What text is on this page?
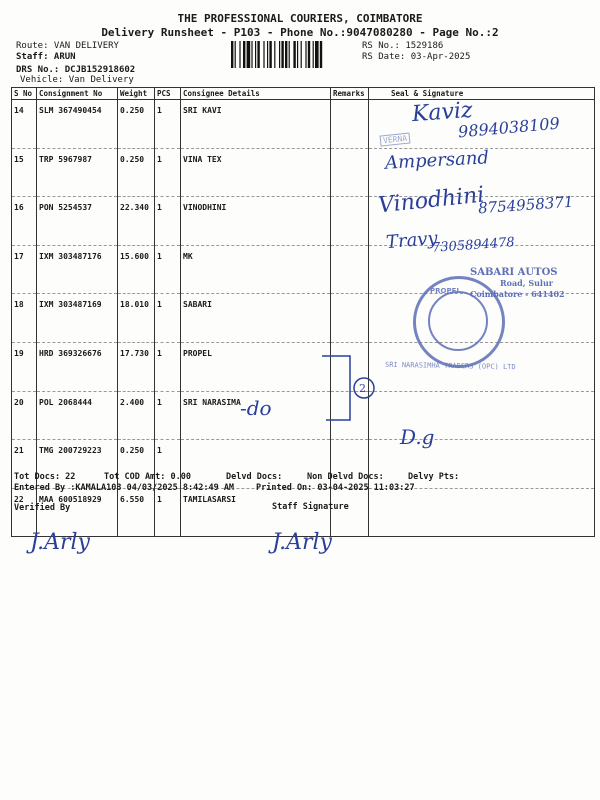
THE PROFESSIONAL COURIERS, COIMBATORE
Delivery Runsheet - P103 - Phone No.:9047080280 - Page No.:2
Route: VAN DELIVERY
Staff: ARUN
DRS No.: DCJB152918602
Vehicle: Van Delivery
RS No.: 1529186
RS Date: 03-Apr-2025
S No	Consignment No	Weight	PCS	Consignee Details	Remarks	Seal & Signature
14	SLM 367490454	0.250	1	SRI KAVI		
15	TRP 5967987	0.250	1	VINA TEX		
16	PON 5254537	22.340	1	VINODHINI		
17	IXM 303487176	15.600	1	MK		
18	IXM 303487169	18.010	1	SABARI		
19	HRD 369326676	17.730	1	PROPEL		
20	POL 2068444	2.400	1	SRI NARASIMA		
21	TMG 200729223	0.250	1			
22	MAA 600518929	6.550	1	TAMILASARSI		
Kaviz
9894038109
VERNA
Ampersand
Vinodhini
8754958371
Travy
7305894478
SABARI AUTOS
Road, Sulur
Coimbatore - 641402
PROPEL
SRI NARASIMHA TRADERS (OPC) LTD
2
-do
D.g
Tot Docs: 22	Tot COD Amt: 0.00	Delvd Docs:	Non Delvd Docs:	Delvy Pts:
Entered By :KAMALA103 04/03/2025 8:42:49 AM	Printed On: 03-04-2025 11:03:27
Verified By	Staff Signature
J.Arly	J.Arly
